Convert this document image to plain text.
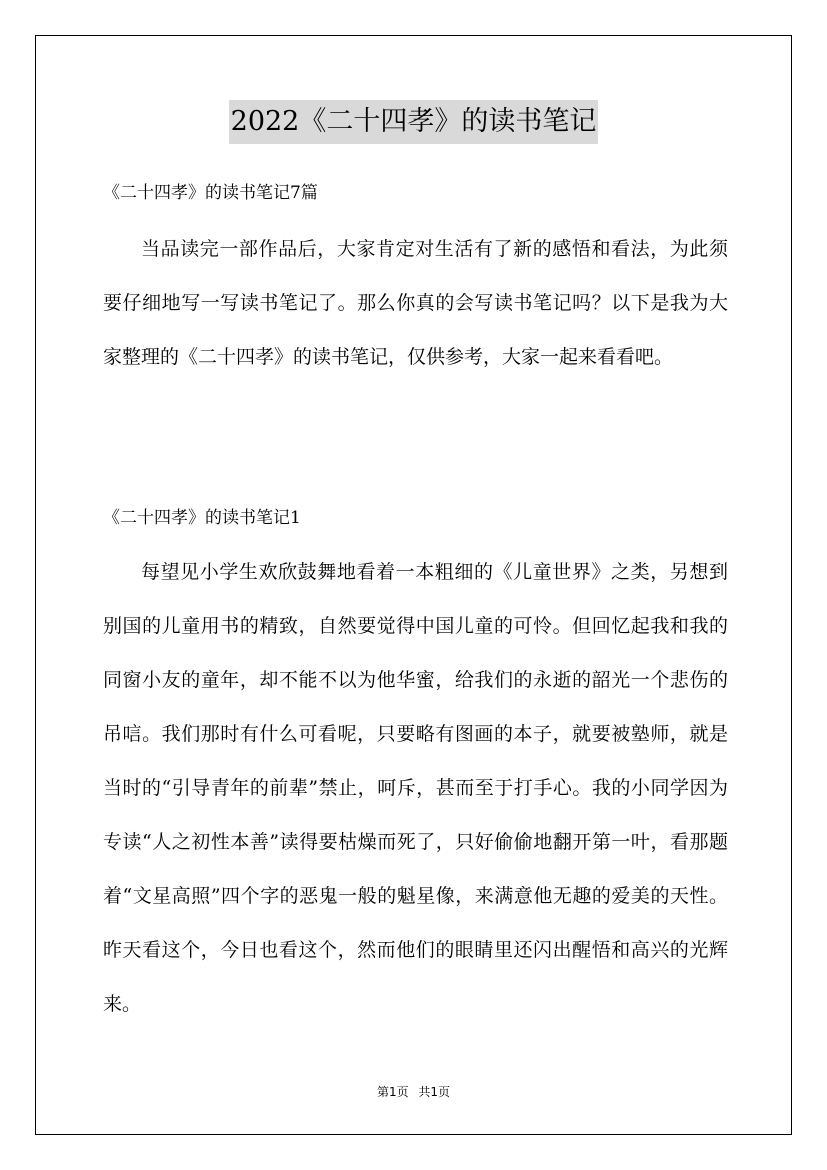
2022《二十四孝》的读书笔记
《二十四孝》的读书笔记7篇

当品读完一部作品后，大家肯定对生活有了新的感悟和看法，为此须要仔细地写一写读书笔记了。那么你真的会写读书笔记吗？以下是我为大家整理的《二十四孝》的读书笔记，仅供参考，大家一起来看看吧。

《二十四孝》的读书笔记1

每望见小学生欢欣鼓舞地看着一本粗细的《儿童世界》之类，另想到别国的儿童用书的精致，自然要觉得中国儿童的可怜。但回忆起我和我的同窗小友的童年，却不能不以为他华蜜，给我们的永逝的韶光一个悲伤的吊唁。我们那时有什么可看呢，只要略有图画的本子，就要被塾师，就是当时的“引导青年的前辈”禁止，呵斥，甚而至于打手心。我的小同学因为专读“人之初性本善”读得要枯燥而死了，只好偷偷地翻开第一叶，看那题着“文星高照”四个字的恶鬼一般的魁星像，来满意他无趣的爱美的天性。昨天看这个，今日也看这个，然而他们的眼睛里还闪出醒悟和高兴的光辉来。

第1页 共1页
